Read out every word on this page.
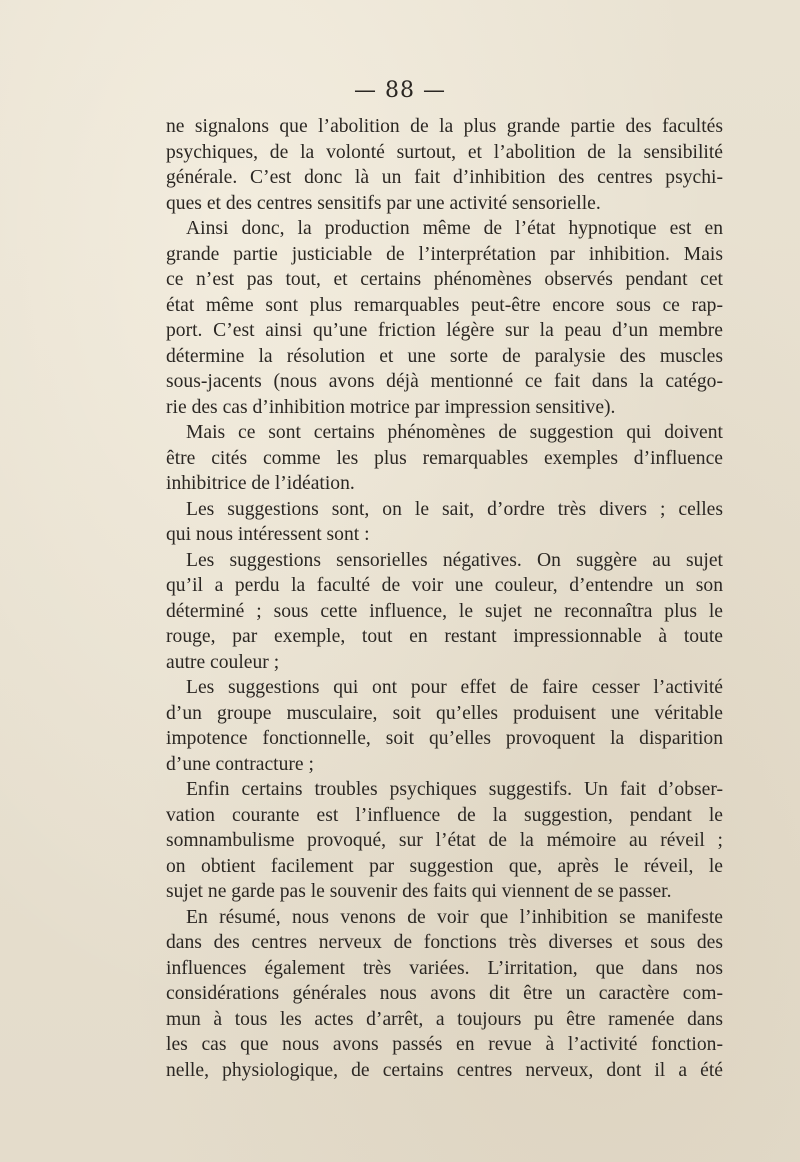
— 88 —
ne signalons que l’abolition de la plus grande partie des facultés
psychiques, de la volonté surtout, et l’abolition de la sensibilité
générale. C’est donc là un fait d’inhibition des centres psychi-
ques et des centres sensitifs par une activité sensorielle.
Ainsi donc, la production même de l’état hypnotique est en
grande partie justiciable de l’interprétation par inhibition. Mais
ce n’est pas tout, et certains phénomènes observés pendant cet
état même sont plus remarquables peut-être encore sous ce rap-
port. C’est ainsi qu’une friction légère sur la peau d’un membre
détermine la résolution et une sorte de paralysie des muscles
sous-jacents (nous avons déjà mentionné ce fait dans la catégo-
rie des cas d’inhibition motrice par impression sensitive).
Mais ce sont certains phénomènes de suggestion qui doivent
être cités comme les plus remarquables exemples d’influence
inhibitrice de l’idéation.
Les suggestions sont, on le sait, d’ordre très divers ; celles
qui nous intéressent sont :
Les suggestions sensorielles négatives. On suggère au sujet
qu’il a perdu la faculté de voir une couleur, d’entendre un son
déterminé ; sous cette influence, le sujet ne reconnaîtra plus le
rouge, par exemple, tout en restant impressionnable à toute
autre couleur ;
Les suggestions qui ont pour effet de faire cesser l’activité
d’un groupe musculaire, soit qu’elles produisent une véritable
impotence fonctionnelle, soit qu’elles provoquent la disparition
d’une contracture ;
Enfin certains troubles psychiques suggestifs. Un fait d’obser-
vation courante est l’influence de la suggestion, pendant le
somnambulisme provoqué, sur l’état de la mémoire au réveil ;
on obtient facilement par suggestion que, après le réveil, le
sujet ne garde pas le souvenir des faits qui viennent de se passer.
En résumé, nous venons de voir que l’inhibition se manifeste
dans des centres nerveux de fonctions très diverses et sous des
influences également très variées. L’irritation, que dans nos
considérations générales nous avons dit être un caractère com-
mun à tous les actes d’arrêt, a toujours pu être ramenée dans
les cas que nous avons passés en revue à l’activité fonction-
nelle, physiologique, de certains centres nerveux, dont il a été
